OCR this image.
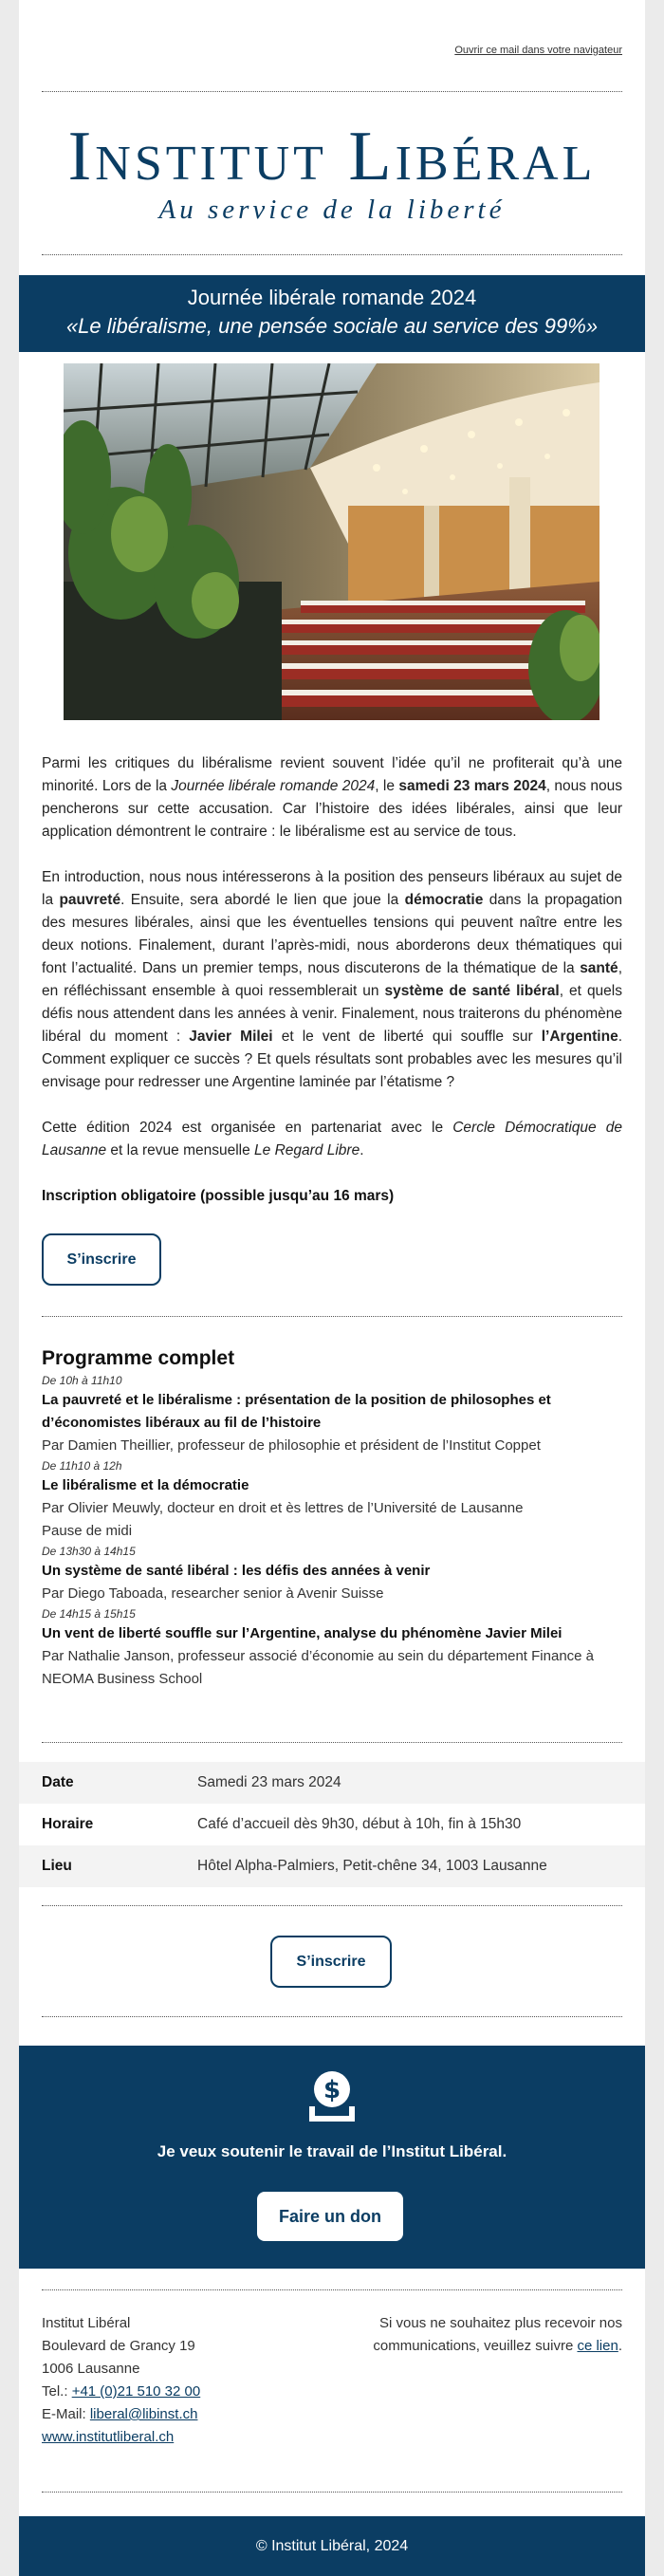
Ouvrir ce mail dans votre navigateur
Institut Libéral
Au service de la liberté
Journée libérale romande 2024
«Le libéralisme, une pensée sociale au service des 99%»

Parmi les critiques du libéralisme revient souvent l’idée qu’il ne profiterait qu’à une minorité. Lors de la Journée libérale romande 2024, le samedi 23 mars 2024, nous nous pencherons sur cette accusation. Car l’histoire des idées libérales, ainsi que leur application démontrent le contraire : le libéralisme est au service de tous.

En introduction, nous nous intéresserons à la position des penseurs libéraux au sujet de la pauvreté. Ensuite, sera abordé le lien que joue la démocratie dans la propagation des mesures libérales, ainsi que les éventuelles tensions qui peuvent naître entre les deux notions. Finalement, durant l’après-midi, nous aborderons deux thématiques qui font l’actualité. Dans un premier temps, nous discuterons de la thématique de la santé, en réfléchissant ensemble à quoi ressemblerait un système de santé libéral, et quels défis nous attendent dans les années à venir. Finalement, nous traiterons du phénomène libéral du moment : Javier Milei et le vent de liberté qui souffle sur l’Argentine. Comment expliquer ce succès ? Et quels résultats sont probables avec les mesures qu’il envisage pour redresser une Argentine laminée par l’étatisme ?

Cette édition 2024 est organisée en partenariat avec le Cercle Démocratique de Lausanne et la revue mensuelle Le Regard Libre.

Inscription obligatoire (possible jusqu’au 16 mars)

S’inscrire
Programme complet
De 10h à 11h10
La pauvreté et le libéralisme : présentation de la position de philosophes et d’économistes libéraux au fil de l’histoire
Par Damien Theillier, professeur de philosophie et président de l’Institut Coppet
De 11h10 à 12h
Le libéralisme et la démocratie
Par Olivier Meuwly, docteur en droit et ès lettres de l’Université de Lausanne
Pause de midi
De 13h30 à 14h15
Un système de santé libéral : les défis des années à venir
Par Diego Taboada, researcher senior à Avenir Suisse
De 14h15 à 15h15
Un vent de liberté souffle sur l’Argentine, analyse du phénomène Javier Milei
Par Nathalie Janson, professeur associé d’économie au sein du département Finance à NEOMA Business School
Date	Samedi 23 mars 2024
Horaire	Café d’accueil dès 9h30, début à 10h, fin à 15h30
Lieu	Hôtel Alpha-Palmiers, Petit-chêne 34, 1003 Lausanne
S’inscrire
$
Je veux soutenir le travail de l’Institut Libéral.
Faire un don
Institut Libéral
Boulevard de Grancy 19
1006 Lausanne
Tel.: +41 (0)21 510 32 00
E-Mail: liberal@libinst.ch
www.institutliberal.ch
Si vous ne souhaitez plus recevoir nos communications, veuillez suivre ce lien.
© Institut Libéral, 2024
